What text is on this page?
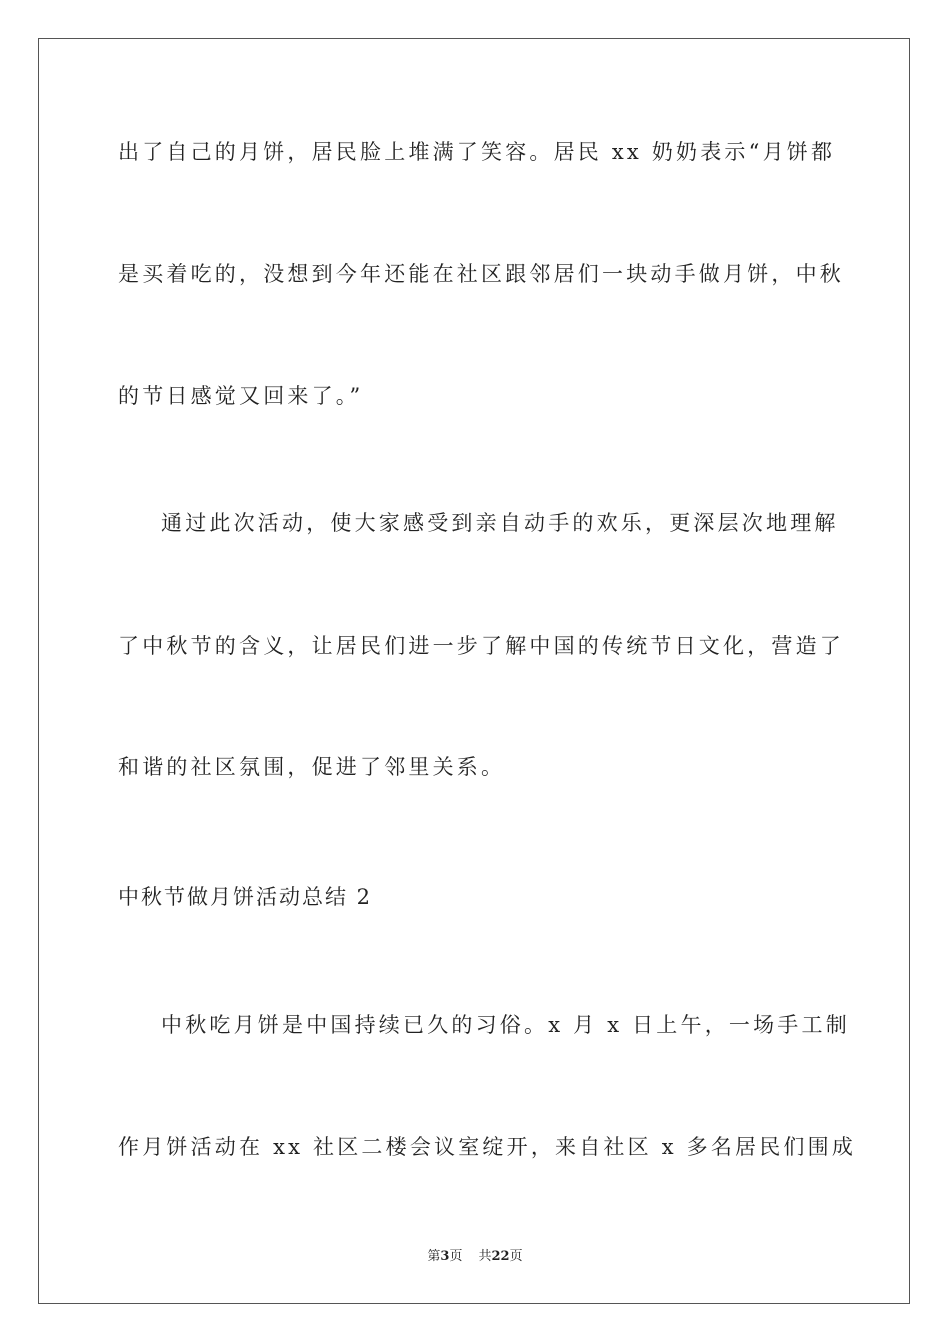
出了自己的月饼，居民脸上堆满了笑容。居民 xx 奶奶表示“月饼都
是买着吃的，没想到今年还能在社区跟邻居们一块动手做月饼，中秋
的节日感觉又回来了。”
通过此次活动，使大家感受到亲自动手的欢乐，更深层次地理解
了中秋节的含义，让居民们进一步了解中国的传统节日文化，营造了
和谐的社区氛围，促进了邻里关系。
中秋节做月饼活动总结 2
中秋吃月饼是中国持续已久的习俗。x 月 x 日上午，一场手工制
作月饼活动在 xx 社区二楼会议室绽开，来自社区 x 多名居民们围成
第3页 共22页
